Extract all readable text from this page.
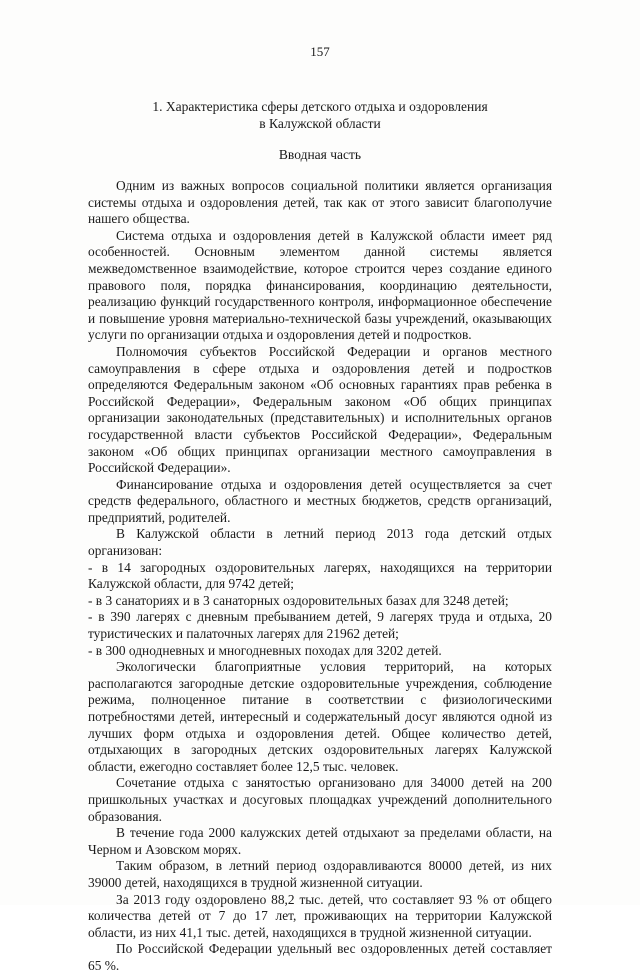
157
1. Характеристика сферы детского отдыха и оздоровления
в Калужской области
Вводная часть

Одним из важных вопросов социальной политики является организация системы отдыха и оздоровления детей, так как от этого зависит благополучие нашего общества.

Система отдыха и оздоровления детей в Калужской области имеет ряд особенностей. Основным элементом данной системы является межведомственное взаимодействие, которое строится через создание единого правового поля, порядка финансирования, координацию деятельности, реализацию функций государственного контроля, информационное обеспечение и повышение уровня материально-технической базы учреждений, оказывающих услуги по организации отдыха и оздоровления детей и подростков.

Полномочия субъектов Российской Федерации и органов местного самоуправления в сфере отдыха и оздоровления детей и подростков определяются Федеральным законом «Об основных гарантиях прав ребенка в Российской Федерации», Федеральным законом «Об общих принципах организации законодательных (представительных) и исполнительных органов государственной власти субъектов Российской Федерации», Федеральным законом «Об общих принципах организации местного самоуправления в Российской Федерации».

Финансирование отдыха и оздоровления детей осуществляется за счет средств федерального, областного и местных бюджетов, средств организаций, предприятий, родителей.

В Калужской области в летний период 2013 года детский отдых организован:

- в 14 загородных оздоровительных лагерях, находящихся на территории Калужской области, для 9742 детей;

- в 3 санаториях и в 3 санаторных оздоровительных базах для 3248 детей;

- в 390 лагерях с дневным пребыванием детей, 9 лагерях труда и отдыха, 20 туристических и палаточных лагерях для 21962 детей;

- в 300 однодневных и многодневных походах для 3202 детей.

Экологически благоприятные условия территорий, на которых располагаются загородные детские оздоровительные учреждения, соблюдение режима, полноценное питание в соответствии с физиологическими потребностями детей, интересный и содержательный досуг являются одной из лучших форм отдыха и оздоровления детей. Общее количество детей, отдыхающих в загородных детских оздоровительных лагерях Калужской области, ежегодно составляет более 12,5 тыс. человек.

Сочетание отдыха с занятостью организовано для 34000 детей на 200 пришкольных участках и досуговых площадках учреждений дополнительного образования.

В течение года 2000 калужских детей отдыхают за пределами области, на Черном и Азовском морях.

Таким образом, в летний период оздоравливаются 80000 детей, из них 39000 детей, находящихся в трудной жизненной ситуации.

За 2013 году оздоровлено 88,2 тыс. детей, что составляет 93 % от общего количества детей от 7 до 17 лет, проживающих на территории Калужской области, из них 41,1 тыс. детей, находящихся в трудной жизненной ситуации.

По Российской Федерации удельный вес оздоровленных детей составляет 65 %.
